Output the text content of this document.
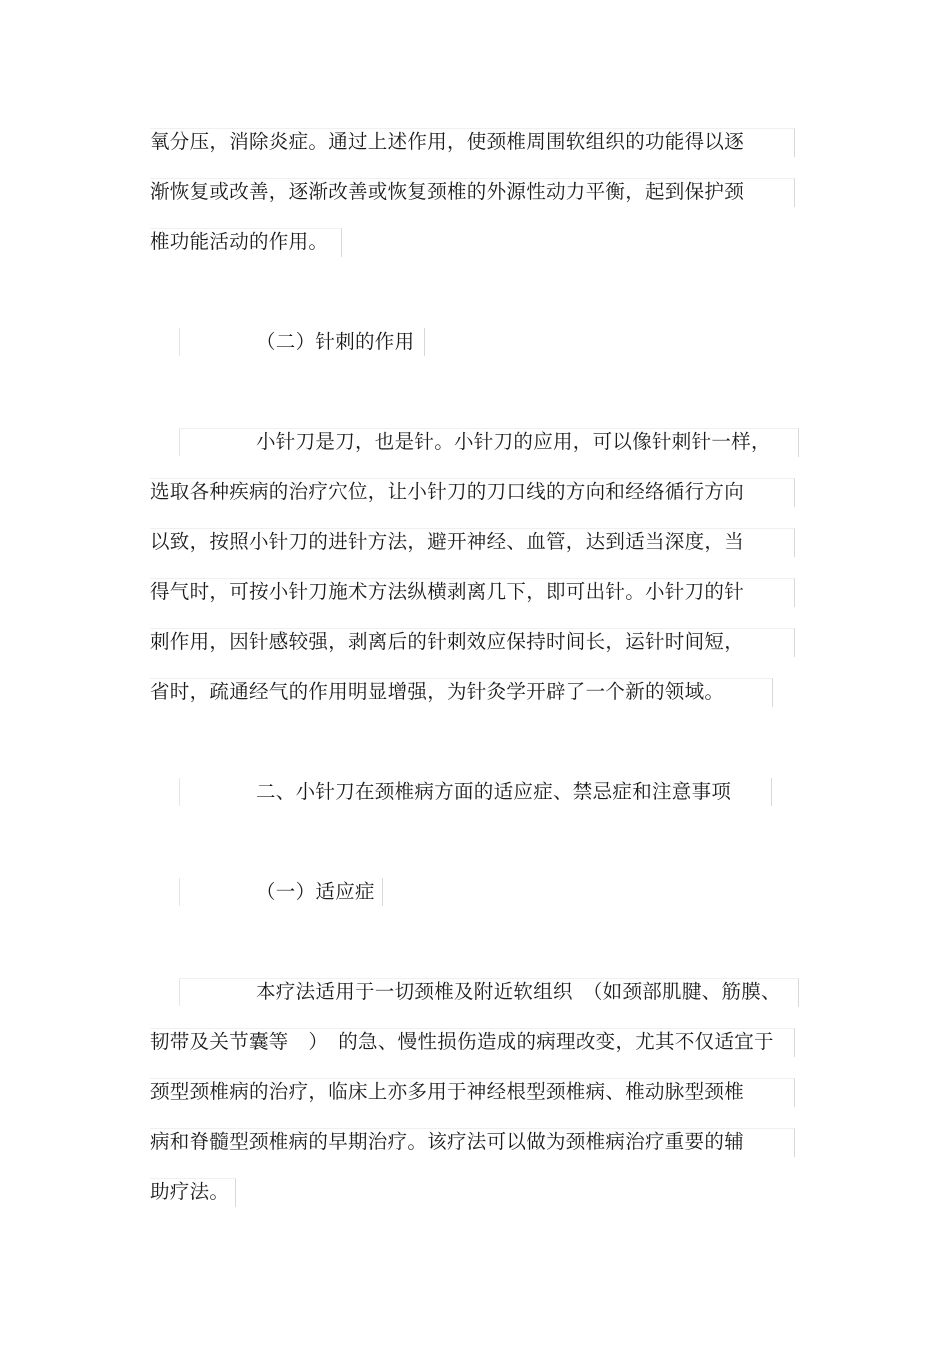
氧分压，消除炎症。通过上述作用，使颈椎周围软组织的功能得以逐
渐恢复或改善，逐渐改善或恢复颈椎的外源性动力平衡，起到保护颈
椎功能活动的作用。
（二）针刺的作用
小针刀是刀，也是针。小针刀的应用，可以像针刺针一样，
选取各种疾病的治疗穴位，让小针刀的刀口线的方向和经络循行方向
以致，按照小针刀的进针方法，避开神经、血管，达到适当深度，当
得气时，可按小针刀施术方法纵横剥离几下，即可出针。小针刀的针
刺作用，因针感较强，剥离后的针刺效应保持时间长，运针时间短，
省时，疏通经气的作用明显增强，为针灸学开辟了一个新的领域。
二、小针刀在颈椎病方面的适应症、禁忌症和注意事项
（一）适应症
本疗法适用于一切颈椎及附近软组织　（如颈部肌腱、筋膜、
韧带及关节囊等　）　的急、慢性损伤造成的病理改变，尤其不仅适宜于
颈型颈椎病的治疗，临床上亦多用于神经根型颈椎病、椎动脉型颈椎
病和脊髓型颈椎病的早期治疗。该疗法可以做为颈椎病治疗重要的辅
助疗法。
